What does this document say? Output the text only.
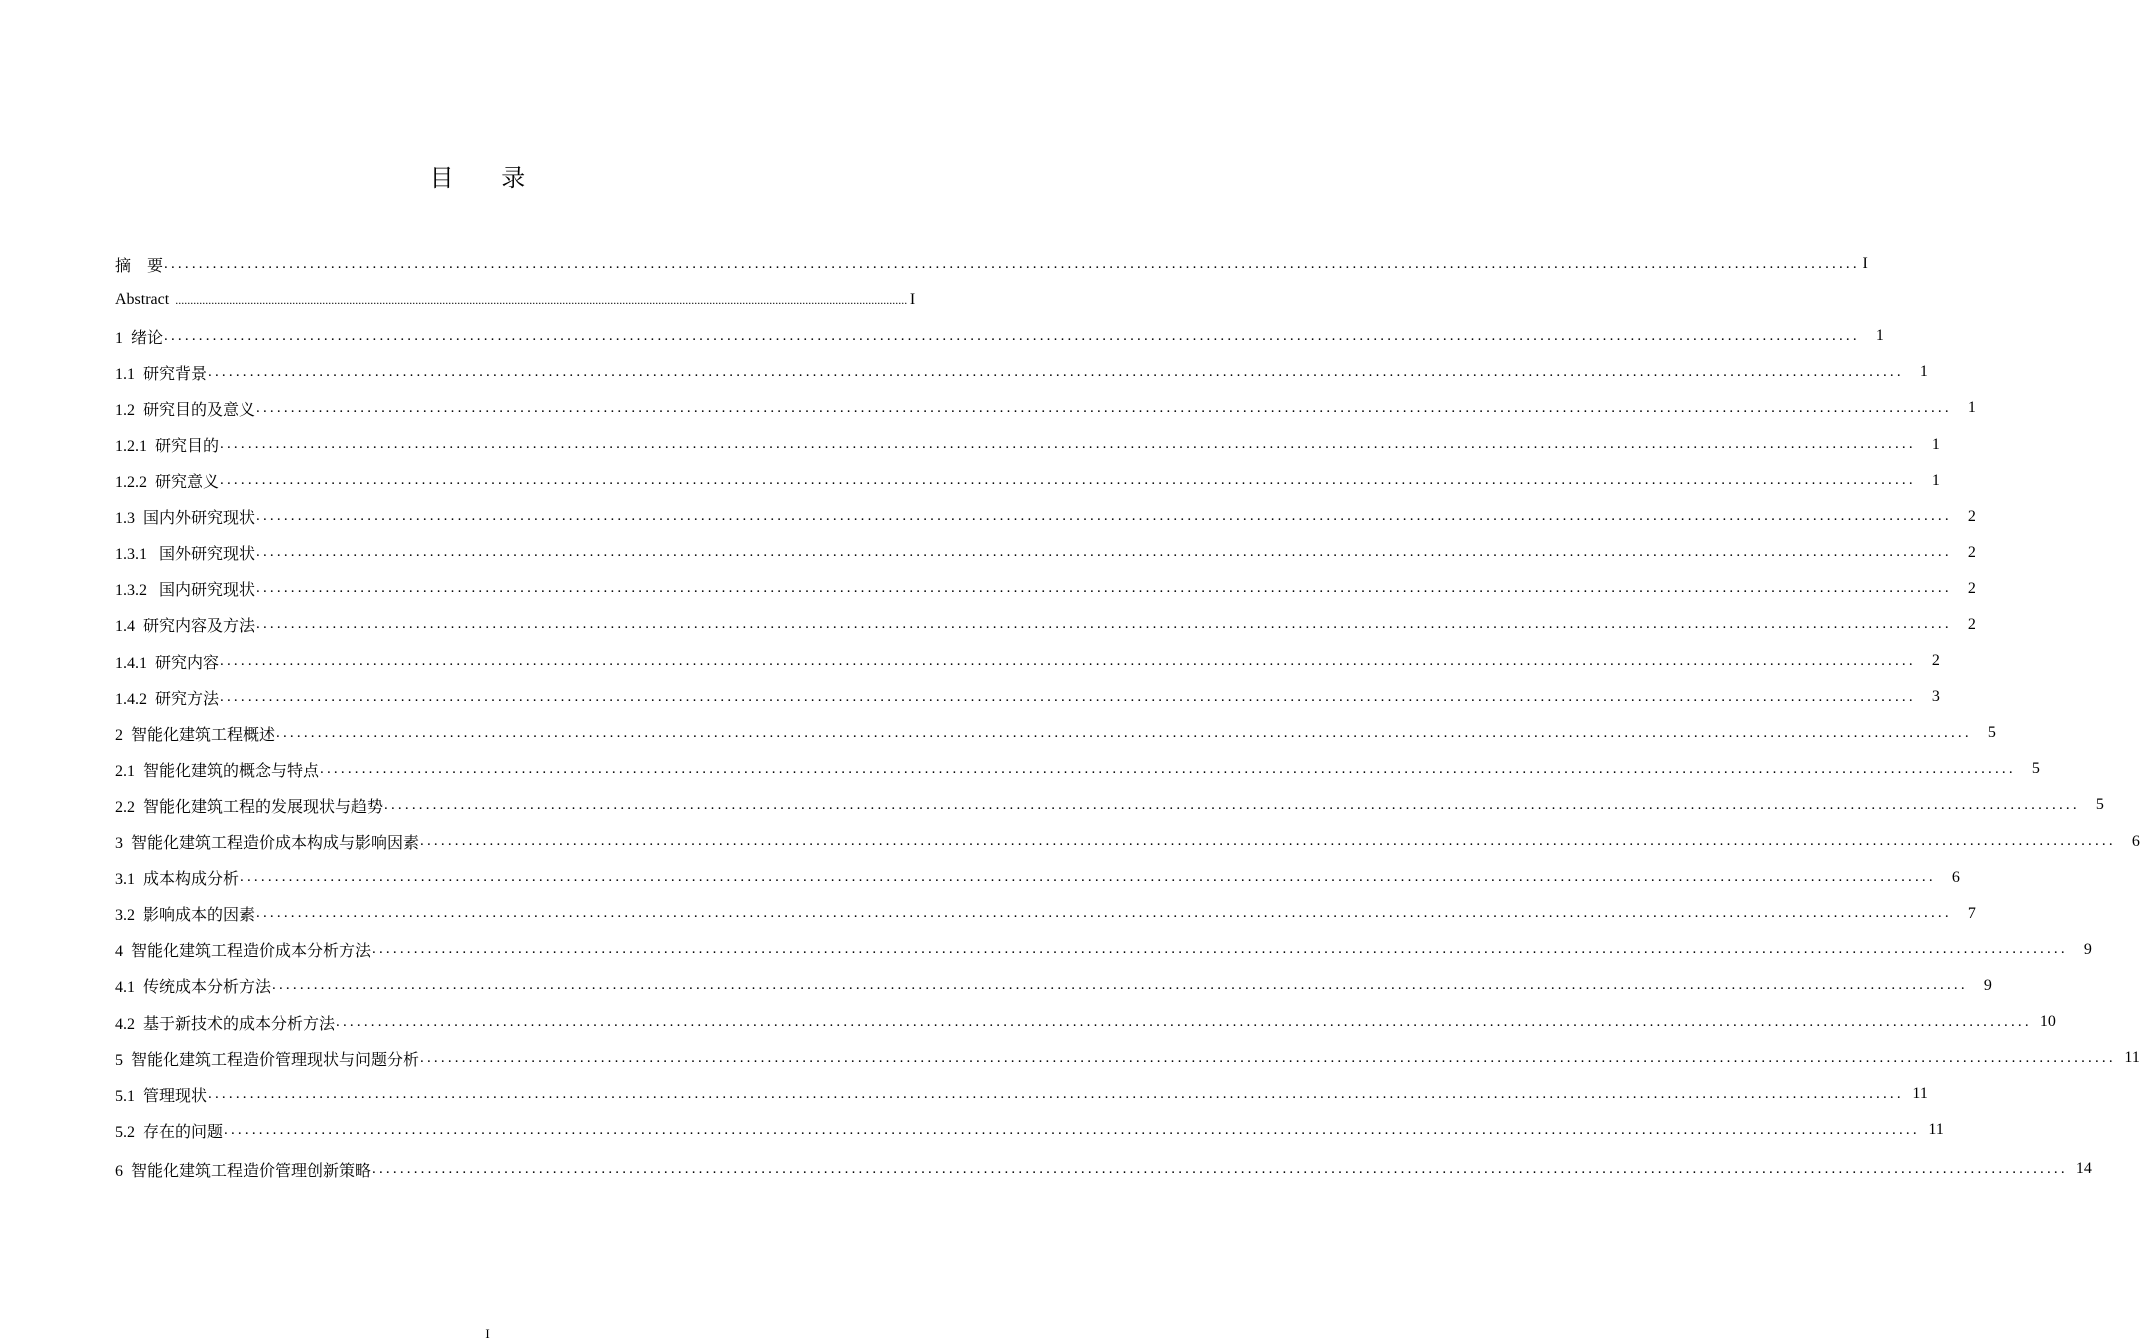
目 录
摘　要 .................................................................................................................................................................................................................................................... I
Abstract .................................................................................................................................................................................................................................................... I
1  绪论 ....................................................................................................................................................................................................................................................	1
1.1  研究背景 ....................................................................................................................................................................................................................................................	1
1.2  研究目的及意义 ....................................................................................................................................................................................................................................................	1
1.2.1  研究目的 ....................................................................................................................................................................................................................................................	1
1.2.2  研究意义 ....................................................................................................................................................................................................................................................	1
1.3  国内外研究现状 ....................................................................................................................................................................................................................................................	2
1.3.1   国外研究现状 ....................................................................................................................................................................................................................................................	2
1.3.2   国内研究现状 ....................................................................................................................................................................................................................................................	2
1.4  研究内容及方法 ....................................................................................................................................................................................................................................................	2
1.4.1  研究内容 ....................................................................................................................................................................................................................................................	2
1.4.2  研究方法 ....................................................................................................................................................................................................................................................	3
2  智能化建筑工程概述 ....................................................................................................................................................................................................................................................	5
2.1  智能化建筑的概念与特点 ....................................................................................................................................................................................................................................................	5
2.2  智能化建筑工程的发展现状与趋势 ....................................................................................................................................................................................................................................................	5
3  智能化建筑工程造价成本构成与影响因素 ....................................................................................................................................................................................................................................................	6
3.1  成本构成分析 ....................................................................................................................................................................................................................................................	6
3.2  影响成本的因素 ....................................................................................................................................................................................................................................................	7
4  智能化建筑工程造价成本分析方法 ....................................................................................................................................................................................................................................................	9
4.1  传统成本分析方法 ....................................................................................................................................................................................................................................................	9
4.2  基于新技术的成本分析方法 .................................................................................................................................................................................................................................................... 10
5  智能化建筑工程造价管理现状与问题分析 .................................................................................................................................................................................................................................................... 11
5.1  管理现状 .................................................................................................................................................................................................................................................... 11
5.2  存在的问题 .................................................................................................................................................................................................................................................... 11
6  智能化建筑工程造价管理创新策略 .................................................................................................................................................................................................................................................... 14
I
